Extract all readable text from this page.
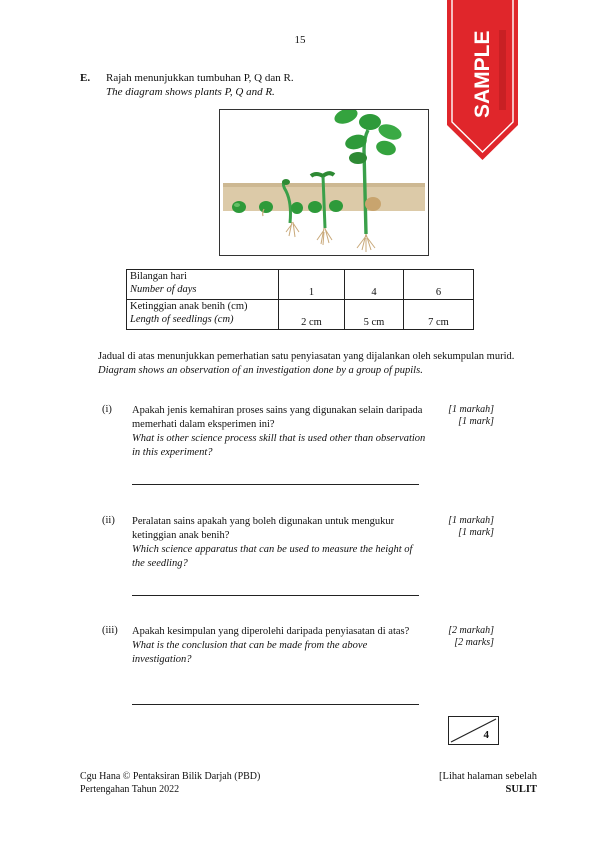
15
E. Rajah menunjukkan tumbuhan P, Q dan R.
The diagram shows plants P, Q and R.
Bilangan hari
Number of days	1	4	6
Ketinggian anak benih (cm)
Length of seedlings (cm)	2 cm	5 cm	7 cm
Jadual di atas menunjukkan pemerhatian satu penyiasatan yang dijalankan oleh sekumpulan murid.
Diagram shows an observation of an investigation done by a group of pupils.
(i) Apakah jenis kemahiran proses sains yang digunakan selain daripada memerhati dalam eksperimen ini?
What is other science process skill that is used other than observation in this experiment?
[1 markah]
[1 mark]
(ii) Peralatan sains apakah yang boleh digunakan untuk mengukur ketinggian anak benih?
Which science apparatus that can be used to measure the height of the seedling?
[1 markah]
[1 mark]
(iii) Apakah kesimpulan yang diperolehi daripada penyiasatan di atas?
What is the conclusion that can be made from the above investigation?
[2 markah]
[2 marks]
4
Cgu Hana © Pentaksiran Bilik Darjah (PBD)
Pertengahan Tahun 2022
[Lihat halaman sebelah
SULIT
SAMPLE
